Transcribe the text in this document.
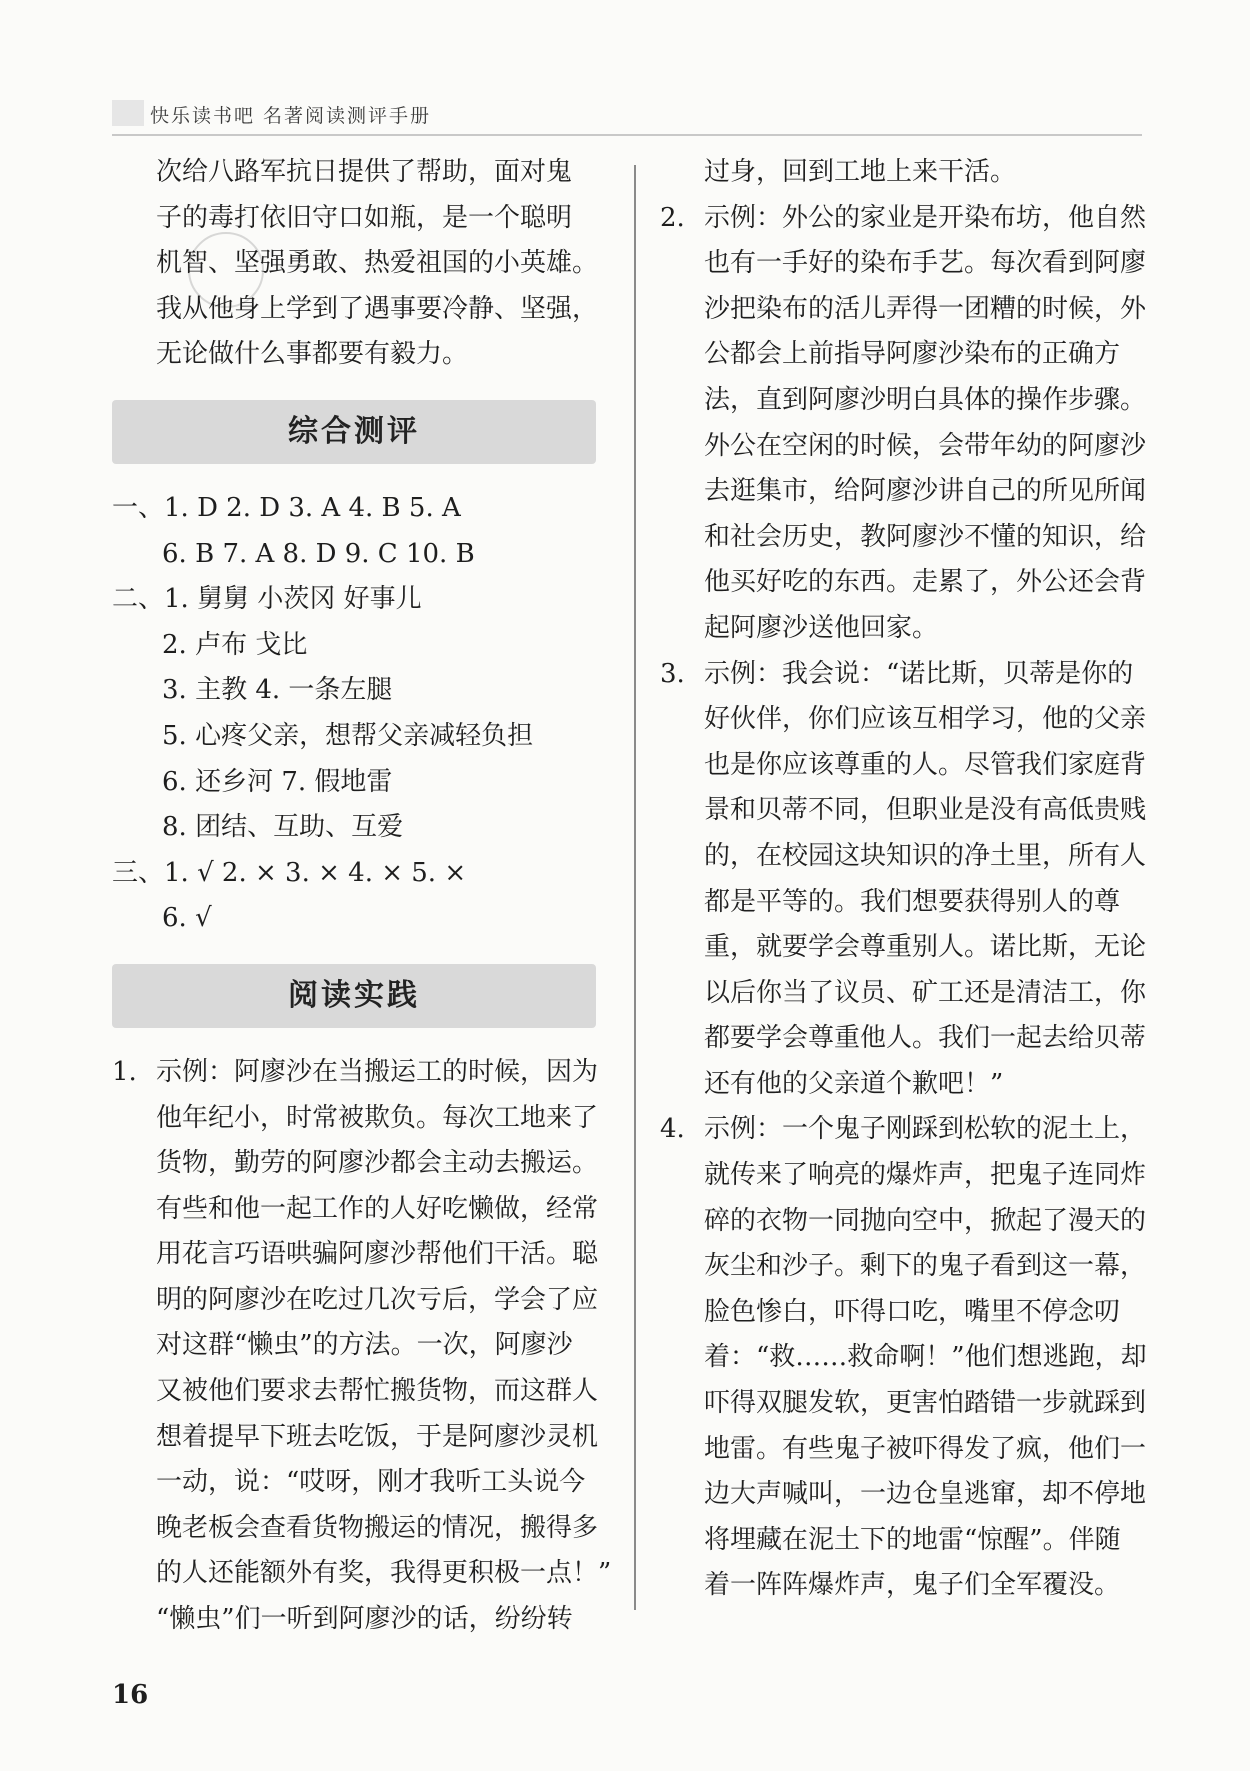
快乐读书吧 名著阅读测评手册
次给八路军抗日提供了帮助，面对鬼
子的毒打依旧守口如瓶，是一个聪明
机智、坚强勇敢、热爱祖国的小英雄。
我从他身上学到了遇事要冷静、坚强，
无论做什么事都要有毅力。
综合测评
一、1. D 2. D 3. A 4. B 5. A
6. B 7. A 8. D 9. C 10. B
二、1. 舅舅 小茨冈 好事儿
2. 卢布 戈比
3. 主教 4. 一条左腿
5. 心疼父亲，想帮父亲减轻负担
6. 还乡河 7. 假地雷
8. 团结、互助、互爱
三、1. √ 2. × 3. × 4. × 5. ×
6. √
阅读实践
1. 示例：阿廖沙在当搬运工的时候，因为
他年纪小，时常被欺负。每次工地来了
货物，勤劳的阿廖沙都会主动去搬运。
有些和他一起工作的人好吃懒做，经常
用花言巧语哄骗阿廖沙帮他们干活。聪
明的阿廖沙在吃过几次亏后，学会了应
对这群“懒虫”的方法。一次，阿廖沙
又被他们要求去帮忙搬货物，而这群人
想着提早下班去吃饭，于是阿廖沙灵机
一动，说：“哎呀，刚才我听工头说今
晚老板会查看货物搬运的情况，搬得多
的人还能额外有奖，我得更积极一点！”
“懒虫”们一听到阿廖沙的话，纷纷转
过身，回到工地上来干活。
2. 示例：外公的家业是开染布坊，他自然
也有一手好的染布手艺。每次看到阿廖
沙把染布的活儿弄得一团糟的时候，外
公都会上前指导阿廖沙染布的正确方
法，直到阿廖沙明白具体的操作步骤。
外公在空闲的时候，会带年幼的阿廖沙
去逛集市，给阿廖沙讲自己的所见所闻
和社会历史，教阿廖沙不懂的知识，给
他买好吃的东西。走累了，外公还会背
起阿廖沙送他回家。
3. 示例：我会说：“诺比斯，贝蒂是你的
好伙伴，你们应该互相学习，他的父亲
也是你应该尊重的人。尽管我们家庭背
景和贝蒂不同，但职业是没有高低贵贱
的，在校园这块知识的净土里，所有人
都是平等的。我们想要获得别人的尊
重，就要学会尊重别人。诺比斯，无论
以后你当了议员、矿工还是清洁工，你
都要学会尊重他人。我们一起去给贝蒂
还有他的父亲道个歉吧！”
4. 示例：一个鬼子刚踩到松软的泥土上，
就传来了响亮的爆炸声，把鬼子连同炸
碎的衣物一同抛向空中，掀起了漫天的
灰尘和沙子。剩下的鬼子看到这一幕，
脸色惨白，吓得口吃，嘴里不停念叨
着：“救……救命啊！”他们想逃跑，却
吓得双腿发软，更害怕踏错一步就踩到
地雷。有些鬼子被吓得发了疯，他们一
边大声喊叫，一边仓皇逃窜，却不停地
将埋藏在泥土下的地雷“惊醒”。伴随
着一阵阵爆炸声，鬼子们全军覆没。
16
